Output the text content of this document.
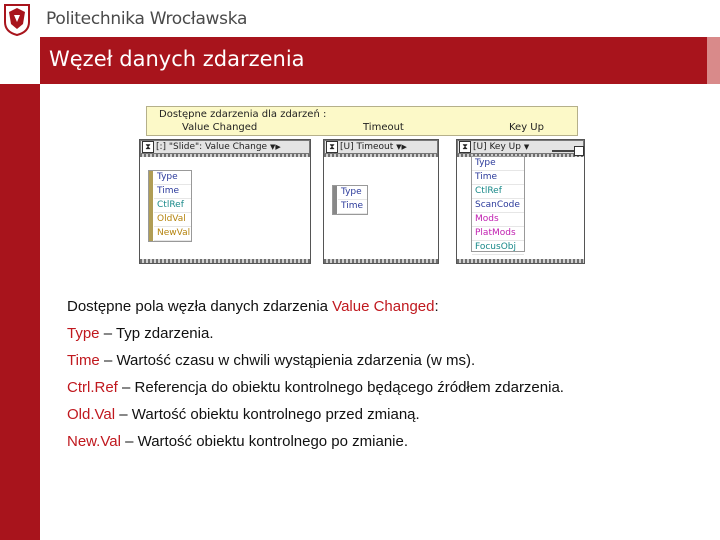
Politechnika Wrocławska
Węzeł danych zdarzenia
Dostępne zdarzenia dla zdarzeń :
Value Changed	Timeout	Key Up
⧗ [:] "Slide": Value Change ▼▶
Type
Time
CtlRef
OldVal
NewVal
⧗ [U] Timeout ▼▶
Type
Time
⧗ [U] Key Up ▼
Type
Time
CtlRef
ScanCode
Mods
PlatMods
FocusObj
Dostępne pola węzła danych zdarzenia Value Changed:
Type – Typ zdarzenia.
Time – Wartość czasu w chwili wystąpienia zdarzenia (w ms).
Ctrl.Ref – Referencja do obiektu kontrolnego będącego źródłem zdarzenia.
Old.Val – Wartość obiektu kontrolnego przed zmianą.
New.Val – Wartość obiektu kontrolnego po zmianie.
